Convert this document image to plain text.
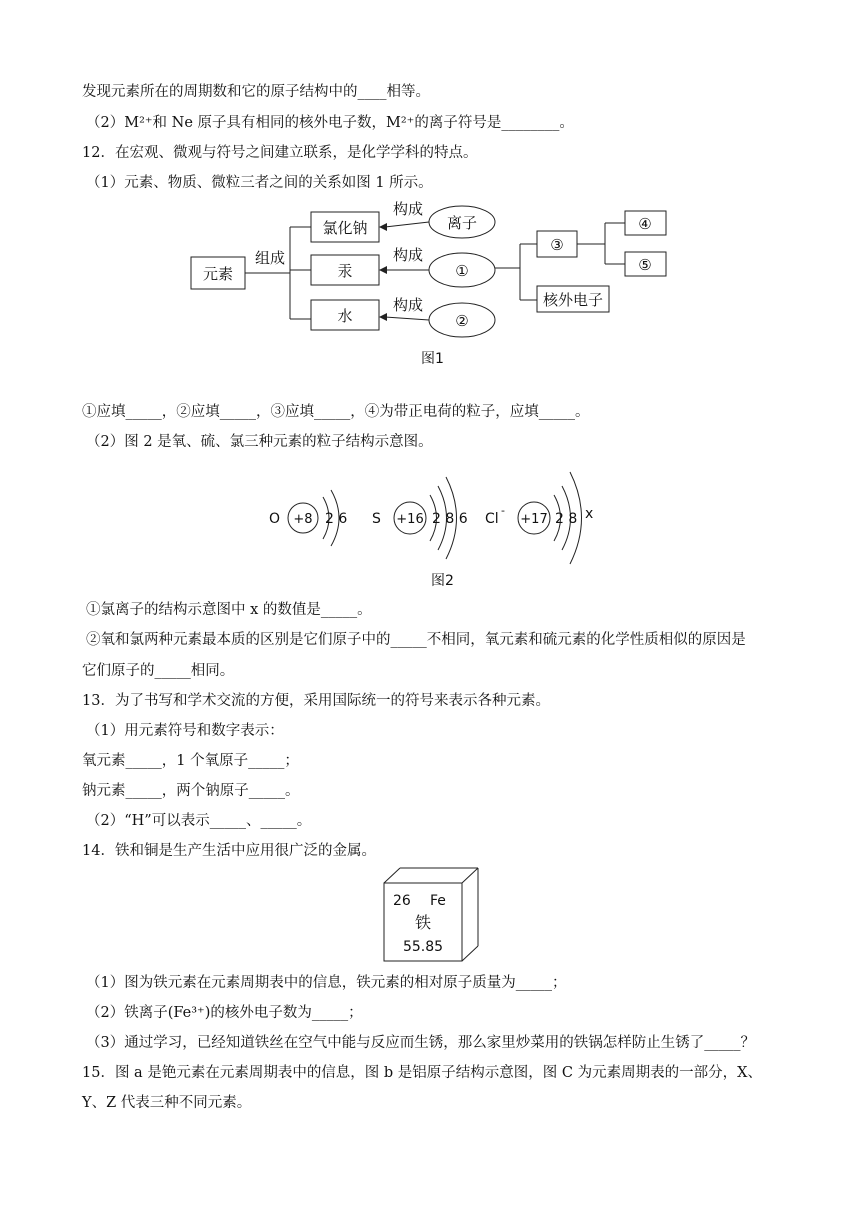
发现元素所在的周期数和它的原子结构中的____相等。
（2）M²⁺和 Ne 原子具有相同的核外电子数，M²⁺的离子符号是________。
12．在宏观、微观与符号之间建立联系，是化学学科的特点。
（1）元素、物质、微粒三者之间的关系如图 1 所示。
元素
组成
氯化钠
汞
水
构成
构成
构成
离子
①
②
③
核外电子
④
⑤
图1
①应填_____，②应填_____，③应填_____，④为带正电荷的粒子，应填_____。
（2）图 2 是氧、硫、氯三种元素的粒子结构示意图。
O +8 2 6 S +16 2 8 6 Cl
-
+17 2 8 x
图2
①氯离子的结构示意图中 x 的数值是_____。
②氧和氯两种元素最本质的区别是它们原子中的_____不相同，氧元素和硫元素的化学性质相似的原因是
它们原子的_____相同。
13．为了书写和学术交流的方便，采用国际统一的符号来表示各种元素。
（1）用元素符号和数字表示：
氧元素_____，1 个氧原子_____；
钠元素_____，两个钠原子_____。
（2）“H”可以表示_____、_____。
14．铁和铜是生产生活中应用很广泛的金属。
26 Fe
铁
55.85
（1）图为铁元素在元素周期表中的信息，铁元素的相对原子质量为_____；
（2）铁离子(Fe³⁺)的核外电子数为_____；
（3）通过学习，已经知道铁丝在空气中能与反应而生锈，那么家里炒菜用的铁锅怎样防止生锈了_____？
15．图 a 是铯元素在元素周期表中的信息，图 b 是铝原子结构示意图，图 C 为元素周期表的一部分，X、
Y、Z 代表三种不同元素。
